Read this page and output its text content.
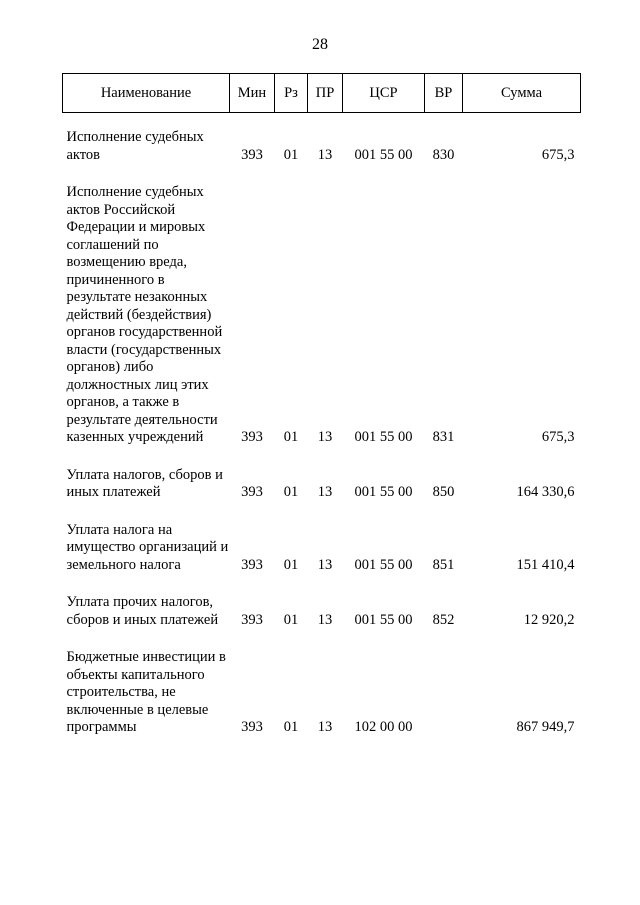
28
Наименование	Мин	Рз	ПР	ЦСР	ВР	Сумма

Исполнение судебных актов	393	01	13	001 55 00	830	675,3

Исполнение судебных актов Российской Федерации и мировых соглашений по возмещению вреда, причиненного в результате незаконных действий (бездействия) органов государственной власти (государственных органов) либо должностных лиц этих органов, а также в результате деятельности казенных учреждений	393	01	13	001 55 00	831	675,3

Уплата налогов, сборов и иных платежей	393	01	13	001 55 00	850	164 330,6

Уплата налога на имущество организаций и земельного налога	393	01	13	001 55 00	851	151 410,4

Уплата прочих налогов, сборов и иных платежей	393	01	13	001 55 00	852	12 920,2

Бюджетные инвестиции в объекты капитального строительства, не включенные в целевые программы	393	01	13	102 00 00		867 949,7
